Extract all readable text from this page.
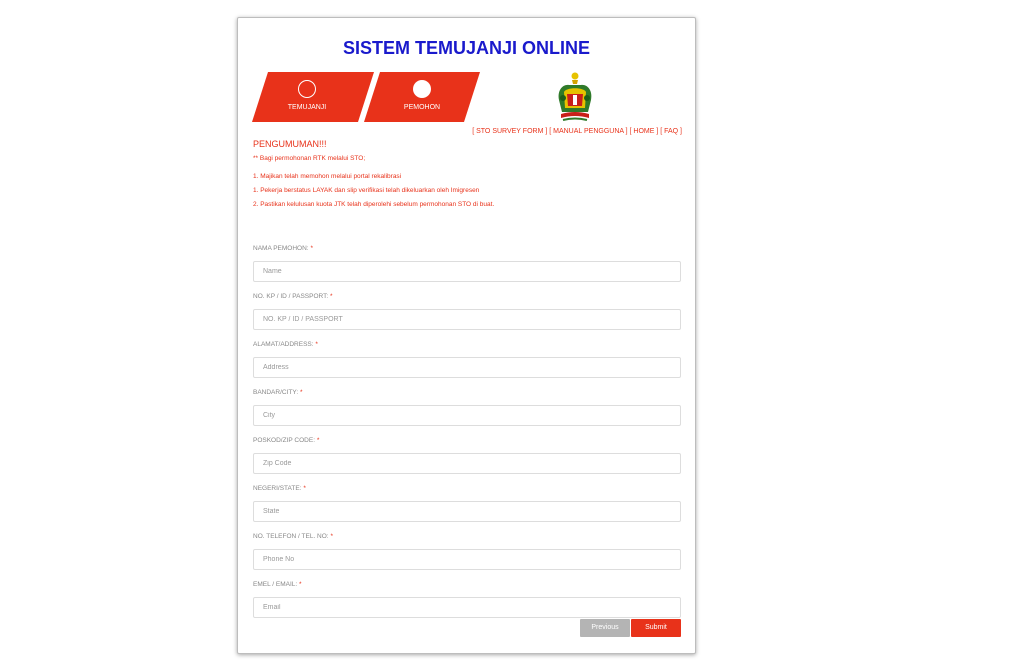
SISTEM TEMUJANJI ONLINE
TEMUJANJI	PEMOHON
[ STO SURVEY FORM ] [ MANUAL PENGGUNA ] [ HOME ] [ FAQ ]

PENGUMUMAN!!!

** Bagi permohonan RTK melalui STO;

1. Majikan telah memohon melalui portal rekalibrasi

1. Pekerja berstatus LAYAK dan slip verifikasi telah dikeluarkan oleh Imigresen

2. Pastikan kelulusan kuota JTK telah diperolehi sebelum permohonan STO di buat.

NAMA PEMOHON: *
Name
NO. KP / ID / PASSPORT: *
NO. KP / ID / PASSPORT
ALAMAT/ADDRESS: *
Address
BANDAR/CITY: *
City
POSKOD/ZIP CODE: *
Zip Code
NEGERI/STATE: *
State
NO. TELEFON / TEL. NO: *
Phone No
EMEL / EMAIL: *
Email
Previous	Submit
